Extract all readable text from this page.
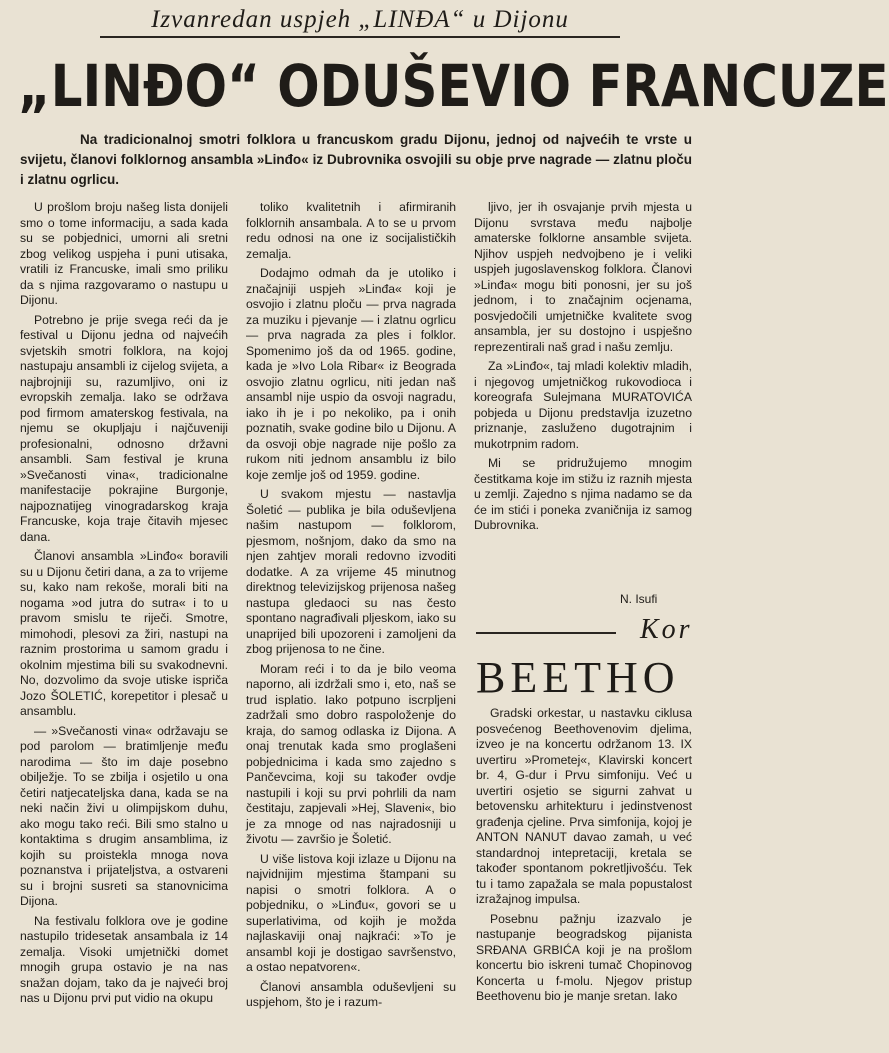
Izvanredan uspjeh „LINĐA“ u Dijonu
„LINĐO“ ODUŠEVIO FRANCUZE
Na tradicionalnoj smotri folklora u francuskom gradu Dijonu, jednoj od najvećih te vrste u svijetu, članovi folklornog ansambla »Linđo« iz Dubrovnika osvojili su obje prve nagrade — zlatnu ploču i zlatnu ogrlicu.

U prošlom broju našeg lista donijeli smo o tome informaciju, a sada kada su se pobjednici, umorni ali sretni zbog velikog uspjeha i puni utisaka, vratili iz Francuske, imali smo priliku da s njima razgovaramo o nastupu u Dijonu.

Potrebno je prije svega reći da je festival u Dijonu jedna od najvećih svjetskih smotri folklora, na kojoj nastupaju ansambli iz cijelog svijeta, a najbrojniji su, razumljivo, oni iz evropskih zemalja. Iako se održava pod firmom amaterskog festivala, na njemu se okupljaju i najčuveniji profesionalni, odnosno državni ansambli. Sam festival je kruna »Svečanosti vina«, tradicionalne manifestacije pokrajine Burgonje, najpoznatijeg vinogradarskog kraja Francuske, koja traje čitavih mjesec dana.

Članovi ansambla »Linđo« boravili su u Dijonu četiri dana, a za to vrijeme su, kako nam rekoše, morali biti na nogama »od jutra do sutra« i to u pravom smislu te riječi. Smotre, mimohodi, plesovi za žiri, nastupi na raznim prostorima u samom gradu i okolnim mjestima bili su svakodnevni. No, dozvolimo da svoje utiske ispriča Jozo ŠOLETIĆ, korepetitor i plesač u ansamblu.

— »Svečanosti vina« održavaju se pod parolom — bratimljenje među narodima — što im daje posebno obilježje. To se zbilja i osjetilo u ona četiri natjecateljska dana, kada se na neki način živi u olimpijskom duhu, ako mogu tako reći. Bili smo stalno u kontaktima s drugim ansamblima, iz kojih su proistekla mnoga nova poznanstva i prijateljstva, a ostvareni su i brojni susreti sa stanovnicima Dijona.

Na festivalu folklora ove je godine nastupilo tridesetak ansambala iz 14 zemalja. Visoki umjetnički domet mnogih grupa ostavio je na nas snažan dojam, tako da je najveći broj nas u Dijonu prvi put vidio na okupu

toliko kvalitetnih i afirmiranih folklornih ansambala. A to se u prvom redu odnosi na one iz socijalističkih zemalja.

Dodajmo odmah da je utoliko i značajniji uspjeh »Linđa« koji je osvojio i zlatnu ploču — prva nagrada za muziku i pjevanje — i zlatnu ogrlicu — prva nagrada za ples i folklor. Spomenimo još da od 1965. godine, kada je »Ivo Lola Ribar« iz Beograda osvojio zlatnu ogrlicu, niti jedan naš ansambl nije uspio da osvoji nagradu, iako ih je i po nekoliko, pa i onih poznatih, svake godine bilo u Dijonu. A da osvoji obje nagrade nije pošlo za rukom niti jednom ansamblu iz bilo koje zemlje još od 1959. godine.

U svakom mjestu — nastavlja Šoletić — publika je bila oduševljena našim nastupom — folklorom, pjesmom, nošnjom, dako da smo na njen zahtjev morali redovno izvoditi dodatke. A za vrijeme 45 minutnog direktnog televizijskog prijenosa našeg nastupa gledaoci su nas često spontano nagrađivali pljeskom, iako su unaprijed bili upozoreni i zamoljeni da zbog prijenosa to ne čine.

Moram reći i to da je bilo veoma naporno, ali izdržali smo i, eto, naš se trud isplatio. Iako potpuno iscrpljeni zadržali smo dobro raspoloženje do kraja, do samog odlaska iz Dijona. A onaj trenutak kada smo proglašeni pobjednicima i kada smo zajedno s Pančevcima, koji su također ovdje nastupili i koji su prvi pohrlili da nam čestitaju, zapjevali »Hej, Slaveni«, bio je za mnoge od nas najradosniji u životu — završio je Šoletić.

U više listova koji izlaze u Dijonu na najvidnijim mjestima štampani su napisi o smotri folklora. A o pobjedniku, o »Linđu«, govori se u superlativima, od kojih je možda najlaskaviji onaj najkraći: »To je ansambl koji je dostigao savršenstvo, a ostao nepatvoren«.

Članovi ansambla oduševljeni su uspjehom, što je i razum-

ljivo, jer ih osvajanje prvih mjesta u Dijonu svrstava među najbolje amaterske folklorne ansamble svijeta. Njihov uspjeh nedvojbeno je i veliki uspjeh jugoslavenskog folklora. Članovi »Linđa« mogu biti ponosni, jer su još jednom, i to značajnim ocjenama, posvjedočili umjetničke kvalitete svog ansambla, jer su dostojno i uspješno reprezentirali naš grad i našu zemlju.

Za »Linđo«, taj mladi kolektiv mladih, i njegovog umjetničkog rukovodioca i koreografa Sulejmana MURATOVIĆA pobjeda u Dijonu predstavlja izuzetno priznanje, zasluženo dugotrajnim i mukotrpnim radom.

Mi se pridružujemo mnogim čestitkama koje im stižu iz raznih mjesta u zemlji. Zajedno s njima nadamo se da će im stići i poneka zvaničnija iz samog Dubrovnika.

N. Isufi
Kor
BEETHO

Gradski orkestar, u nastavku ciklusa posvećenog Beethovenovim djelima, izveo je na koncertu održanom 13. IX uvertiru »Prometej«, Klavirski koncert br. 4, G-dur i Prvu simfoniju. Već u uvertiri osjetio se sigurni zahvat u betovensku arhitekturu i jedinstvenost građenja cjeline. Prva simfonija, kojoj je ANTON NANUT davao zamah, u već standardnoj intepretaciji, kretala se također spontanom pokretljivošću. Tek tu i tamo zapažala se mala popustalost izražajnog impulsa.

Posebnu pažnju izazvalo je nastupanje beogradskog pijanista SRĐANA GRBIĆA koji je na prošlom koncertu bio iskreni tumač Chopinovog Koncerta u f-molu. Njegov pristup Beethovenu bio je manje sretan. Iako
